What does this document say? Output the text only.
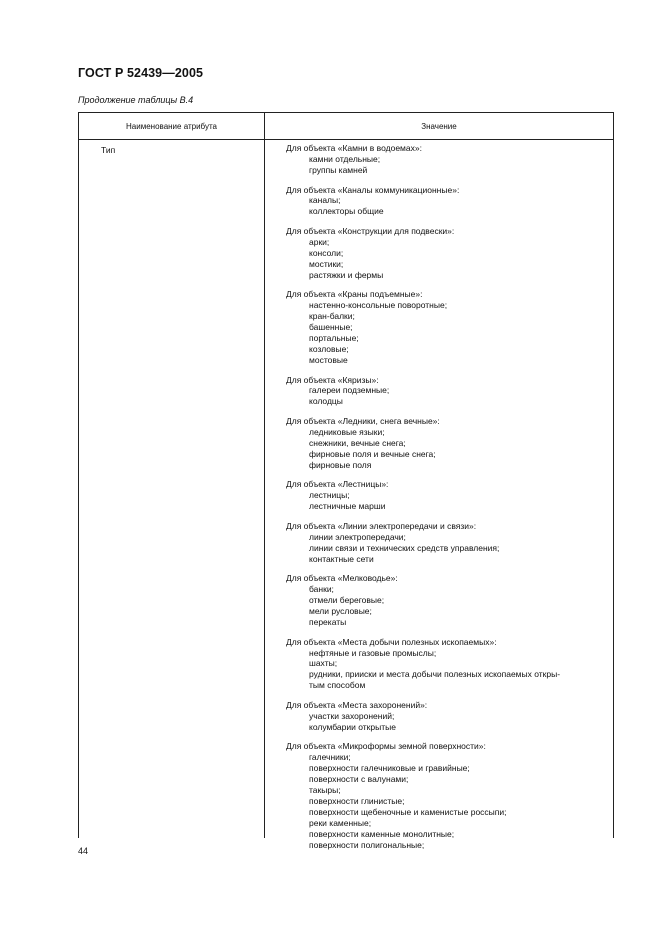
ГОСТ Р 52439—2005
Продолжение таблицы В.4
Наименование атрибута	Значение
Тип	Для объекта «Камни в водоемах»:
камни отдельные;
группы камней
Для объекта «Каналы коммуникационные»:
каналы;
коллекторы общие
Для объекта «Конструкции для подвески»:
арки;
консоли;
мостики;
растяжки и фермы
Для объекта «Краны подъемные»:
настенно-консольные поворотные;
кран-балки;
башенные;
портальные;
козловые;
мостовые
Для объекта «Кяризы»:
галереи подземные;
колодцы
Для объекта «Ледники, снега вечные»:
ледниковые языки;
снежники, вечные снега;
фирновые поля и вечные снега;
фирновые поля
Для объекта «Лестницы»:
лестницы;
лестничные марши
Для объекта «Линии электропередачи и связи»:
линии электропередачи;
линии связи и технических средств управления;
контактные сети
Для объекта «Мелководье»:
банки;
отмели береговые;
мели русловые;
перекаты
Для объекта «Места добычи полезных ископаемых»:
нефтяные и газовые промыслы;
шахты;
рудники, прииски и места добычи полезных ископаемых откры-
тым способом
Для объекта «Места захоронений»:
участки захоронений;
колумбарии открытые
Для объекта «Микроформы земной поверхности»:
галечники;
поверхности галечниковые и гравийные;
поверхности с валунами;
такыры;
поверхности глинистые;
поверхности щебеночные и каменистые россыпи;
реки каменные;
поверхности каменные монолитные;
поверхности полигональные;
44
